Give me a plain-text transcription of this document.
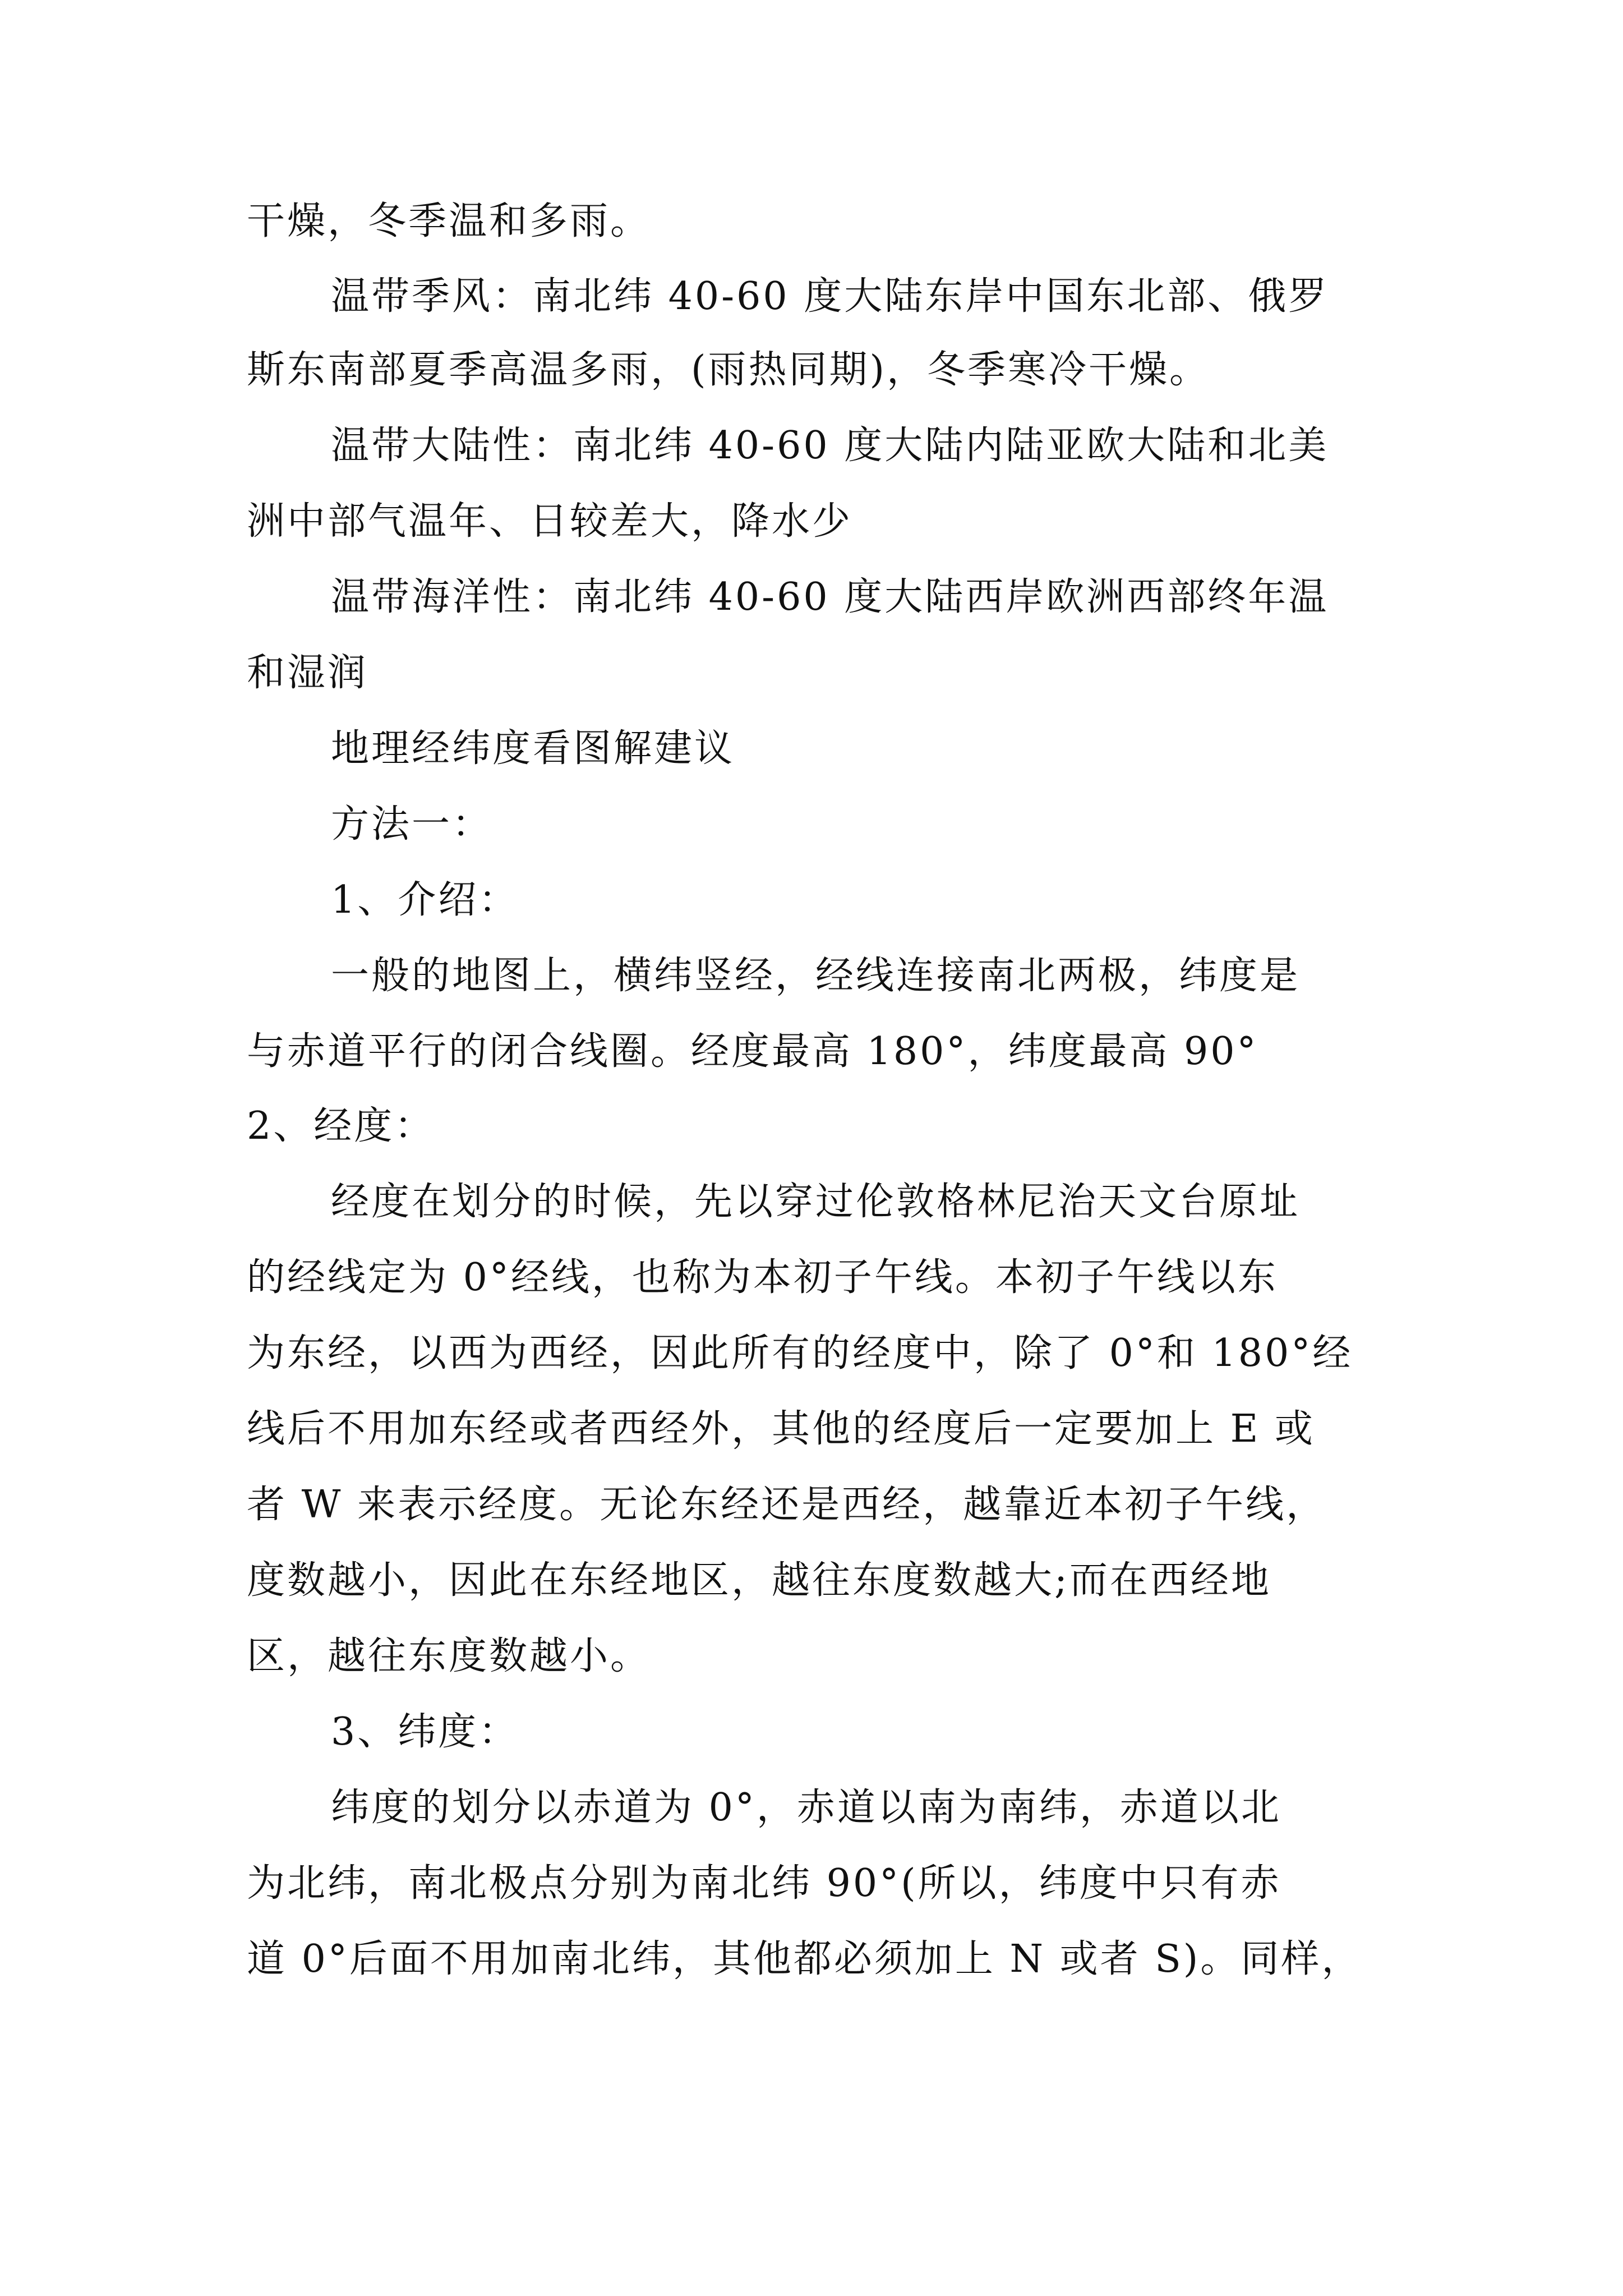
干燥，冬季温和多雨。
温带季风：南北纬 40-60 度大陆东岸中国东北部、俄罗
斯东南部夏季高温多雨，(雨热同期)，冬季寒冷干燥。
温带大陆性：南北纬 40-60 度大陆内陆亚欧大陆和北美
洲中部气温年、日较差大，降水少
温带海洋性：南北纬 40-60 度大陆西岸欧洲西部终年温
和湿润
地理经纬度看图解建议
方法一：
1、介绍：
一般的地图上，横纬竖经，经线连接南北两极，纬度是
与赤道平行的闭合线圈。经度最高 180°，纬度最高 90°
2、经度：
经度在划分的时候，先以穿过伦敦格林尼治天文台原址
的经线定为 0°经线，也称为本初子午线。本初子午线以东
为东经，以西为西经，因此所有的经度中，除了 0°和 180°经
线后不用加东经或者西经外，其他的经度后一定要加上 E 或
者 W 来表示经度。无论东经还是西经，越靠近本初子午线，
度数越小，因此在东经地区，越往东度数越大;而在西经地
区，越往东度数越小。
3、纬度：
纬度的划分以赤道为 0°，赤道以南为南纬，赤道以北
为北纬，南北极点分别为南北纬 90°(所以，纬度中只有赤
道 0°后面不用加南北纬，其他都必须加上 N 或者 S)。同样，
